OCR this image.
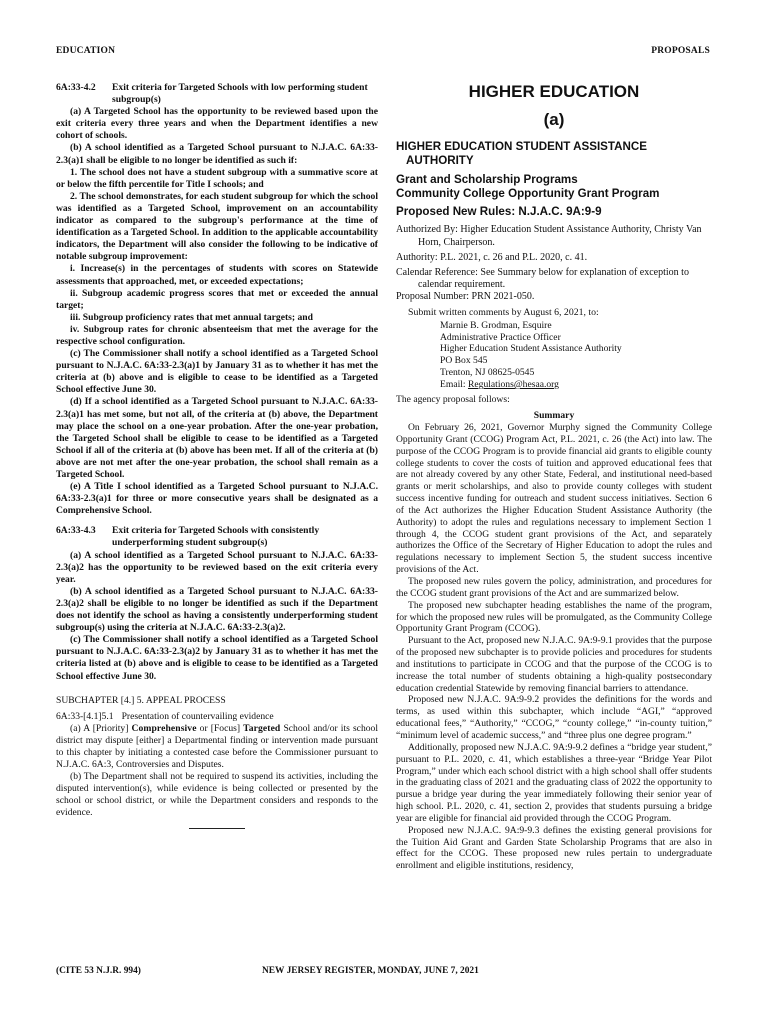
EDUCATION	PROPOSALS

6A:33-4.2 Exit criteria for Targeted Schools with low performing student subgroup(s)

(a) A Targeted School has the opportunity to be reviewed based upon the exit criteria every three years and when the Department identifies a new cohort of schools.

(b) A school identified as a Targeted School pursuant to N.J.A.C. 6A:33-2.3(a)1 shall be eligible to no longer be identified as such if:

1. The school does not have a student subgroup with a summative score at or below the fifth percentile for Title I schools; and

2. The school demonstrates, for each student subgroup for which the school was identified as a Targeted School, improvement on an accountability indicator as compared to the subgroup's performance at the time of identification as a Targeted School. In addition to the applicable accountability indicators, the Department will also consider the following to be indicative of notable subgroup improvement:

i. Increase(s) in the percentages of students with scores on Statewide assessments that approached, met, or exceeded expectations;

ii. Subgroup academic progress scores that met or exceeded the annual target;

iii. Subgroup proficiency rates that met annual targets; and

iv. Subgroup rates for chronic absenteeism that met the average for the respective school configuration.

(c) The Commissioner shall notify a school identified as a Targeted School pursuant to N.J.A.C. 6A:33-2.3(a)1 by January 31 as to whether it has met the criteria at (b) above and is eligible to cease to be identified as a Targeted School effective June 30.

(d) If a school identified as a Targeted School pursuant to N.J.A.C. 6A:33-2.3(a)1 has met some, but not all, of the criteria at (b) above, the Department may place the school on a one-year probation. After the one-year probation, the Targeted School shall be eligible to cease to be identified as a Targeted School if all of the criteria at (b) above has been met. If all of the criteria at (b) above are not met after the one-year probation, the school shall remain as a Targeted School.

(e) A Title I school identified as a Targeted School pursuant to N.J.A.C. 6A:33-2.3(a)1 for three or more consecutive years shall be designated as a Comprehensive School.

6A:33-4.3 Exit criteria for Targeted Schools with consistently underperforming student subgroup(s)

(a) A school identified as a Targeted School pursuant to N.J.A.C. 6A:33-2.3(a)2 has the opportunity to be reviewed based on the exit criteria every year.

(b) A school identified as a Targeted School pursuant to N.J.A.C. 6A:33-2.3(a)2 shall be eligible to no longer be identified as such if the Department does not identify the school as having a consistently underperforming student subgroup(s) using the criteria at N.J.A.C. 6A:33-2.3(a)2.

(c) The Commissioner shall notify a school identified as a Targeted School pursuant to N.J.A.C. 6A:33-2.3(a)2 by January 31 as to whether it has met the criteria listed at (b) above and is eligible to cease to be identified as a Targeted School effective June 30.

SUBCHAPTER [4.] 5. APPEAL PROCESS

6A:33-[4.1]5.1 Presentation of countervailing evidence

(a) A [Priority] Comprehensive or [Focus] Targeted School and/or its school district may dispute [either] a Departmental finding or intervention made pursuant to this chapter by initiating a contested case before the Commissioner pursuant to N.J.A.C. 6A:3, Controversies and Disputes.

(b) The Department shall not be required to suspend its activities, including the disputed intervention(s), while evidence is being collected or presented by the school or school district, or while the Department considers and responds to the evidence.

HIGHER EDUCATION

(a)

HIGHER EDUCATION STUDENT ASSISTANCE AUTHORITY

Grant and Scholarship Programs

Community College Opportunity Grant Program

Proposed New Rules: N.J.A.C. 9A:9-9

Authorized By: Higher Education Student Assistance Authority, Christy Van Horn, Chairperson.

Authority: P.L. 2021, c. 26 and P.L. 2020, c. 41.

Calendar Reference: See Summary below for explanation of exception to calendar requirement.

Proposal Number: PRN 2021-050.

Submit written comments by August 6, 2021, to:

Marnie B. Grodman, Esquire
Administrative Practice Officer
Higher Education Student Assistance Authority
PO Box 545
Trenton, NJ 08625-0545
Email: Regulations@hesaa.org

The agency proposal follows:

Summary

On February 26, 2021, Governor Murphy signed the Community College Opportunity Grant (CCOG) Program Act, P.L. 2021, c. 26 (the Act) into law. The purpose of the CCOG Program is to provide financial aid grants to eligible county college students to cover the costs of tuition and approved educational fees that are not already covered by any other State, Federal, and institutional need-based grants or merit scholarships, and also to provide county colleges with student success incentive funding for outreach and student success initiatives. Section 6 of the Act authorizes the Higher Education Student Assistance Authority (the Authority) to adopt the rules and regulations necessary to implement Section 1 through 4, the CCOG student grant provisions of the Act, and separately authorizes the Office of the Secretary of Higher Education to adopt the rules and regulations necessary to implement Section 5, the student success incentive provisions of the Act.

The proposed new rules govern the policy, administration, and procedures for the CCOG student grant provisions of the Act and are summarized below.

The proposed new subchapter heading establishes the name of the program, for which the proposed new rules will be promulgated, as the Community College Opportunity Grant Program (CCOG).

Pursuant to the Act, proposed new N.J.A.C. 9A:9-9.1 provides that the purpose of the proposed new subchapter is to provide policies and procedures for students and institutions to participate in CCOG and that the purpose of the CCOG is to increase the total number of students obtaining a high-quality postsecondary education credential Statewide by removing financial barriers to attendance.

Proposed new N.J.A.C. 9A:9-9.2 provides the definitions for the words and terms, as used within this subchapter, which include “AGI,” “approved educational fees,” “Authority,” “CCOG,” “county college,” “in-county tuition,” “minimum level of academic success,” and “three plus one degree program.”

Additionally, proposed new N.J.A.C. 9A:9-9.2 defines a “bridge year student,” pursuant to P.L. 2020, c. 41, which establishes a three-year “Bridge Year Pilot Program,” under which each school district with a high school shall offer students in the graduating class of 2021 and the graduating class of 2022 the opportunity to pursue a bridge year during the year immediately following their senior year of high school. P.L. 2020, c. 41, section 2, provides that students pursuing a bridge year are eligible for financial aid provided through the CCOG Program.

Proposed new N.J.A.C. 9A:9-9.3 defines the existing general provisions for the Tuition Aid Grant and Garden State Scholarship Programs that are also in effect for the CCOG. These proposed new rules pertain to undergraduate enrollment and eligible institutions, residency,

(CITE 53 N.J.R. 994)	NEW JERSEY REGISTER, MONDAY, JUNE 7, 2021
